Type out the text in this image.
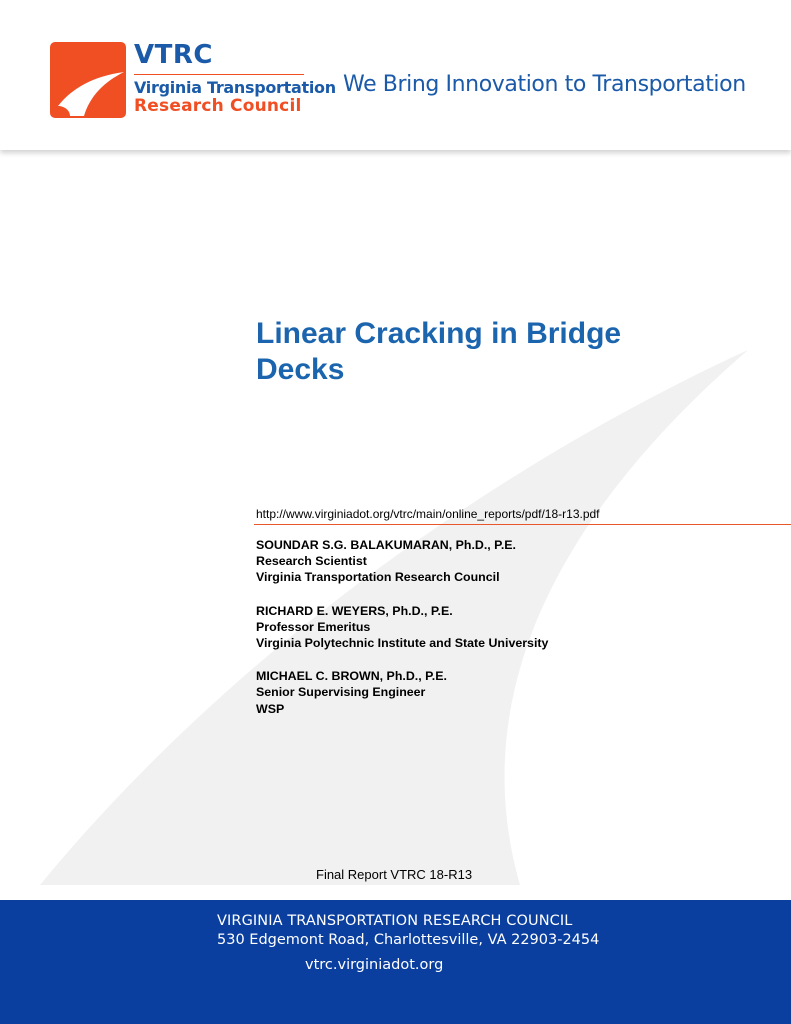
VTRC
Virginia Transportation
Research Council
We Bring Innovation to Transportation
Linear Cracking in Bridge
Decks
http://www.virginiadot.org/vtrc/main/online_reports/pdf/18-r13.pdf
SOUNDAR S.G. BALAKUMARAN, Ph.D., P.E.
Research Scientist
Virginia Transportation Research Council
RICHARD E. WEYERS, Ph.D., P.E.
Professor Emeritus
Virginia Polytechnic Institute and State University
MICHAEL C. BROWN, Ph.D., P.E.
Senior Supervising Engineer
WSP
Final Report VTRC 18-R13
VIRGINIA TRANSPORTATION RESEARCH COUNCIL
530 Edgemont Road, Charlottesville, VA 22903-2454
vtrc.virginiadot.org
